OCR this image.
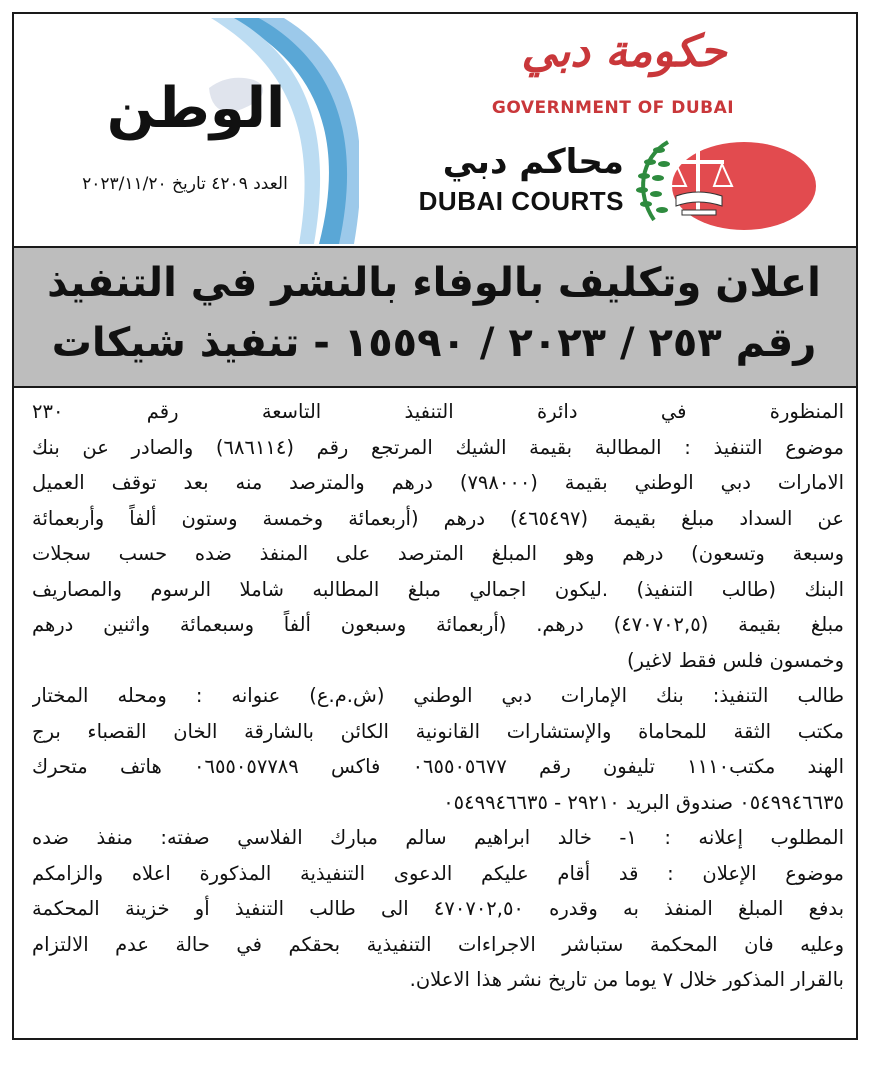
الوطن
العدد ٤٢٠٩ تاريخ ٢٠٢٣/١١/٢٠
حكومة دبي
GOVERNMENT OF DUBAI
محاكم دبي
DUBAI COURTS
اعلان وتكليف بالوفاء بالنشر في التنفيذ
رقم ٢٥٣ / ٢٠٢٣ / ١٥٥٩٠ - تنفيذ شيكات
المنظورة في دائرة التنفيذ التاسعة رقم ٢٣٠
موضوع التنفيذ : المطالبة بقيمة الشيك المرتجع رقم (٦٨٦١١٤) والصادر عن بنك
الامارات دبي الوطني بقيمة (٧٩٨٠٠٠) درهم والمترصد منه بعد توقف العميل
عن السداد مبلغ بقيمة (٤٦٥٤٩٧) درهم (أربعمائة وخمسة وستون ألفاً وأربعمائة
وسبعة وتسعون) درهم وهو المبلغ المترصد على المنفذ ضده حسب سجلات
البنك (طالب التنفيذ) .ليكون اجمالي مبلغ المطالبه شاملا الرسوم والمصاريف
مبلغ بقيمة (٤٧٠٧٠٢,٥) درهم. (أربعمائة وسبعون ألفاً وسبعمائة واثنين درهم
وخمسون فلس فقط لاغير)
طالب التنفيذ: بنك الإمارات دبي الوطني (ش.م.ع) عنوانه : ومحله المختار
مكتب الثقة للمحاماة والإستشارات القانونية الكائن بالشارقة الخان القصباء برج
الهند مكتب١١١٠ تليفون رقم ٠٦٥٥٠٥٦٧٧ فاكس ٠٦٥٥٠٥٧٧٨٩ هاتف متحرك
٠٥٤٩٩٤٦٦٣٥ صندوق البريد ٢٩٢١٠ - ٠٥٤٩٩٤٦٦٣٥
المطلوب إعلانه : ١- خالد ابراهيم سالم مبارك الفلاسي صفته: منفذ ضده
موضوع الإعلان : قد أقام عليكم الدعوى التنفيذية المذكورة اعلاه والزامكم
بدفع المبلغ المنفذ به وقدره ٤٧٠٧٠٢,٥٠ الى طالب التنفيذ أو خزينة المحكمة
وعليه فان المحكمة ستباشر الاجراءات التنفيذية بحقكم في حالة عدم الالتزام
بالقرار المذكور خلال ٧ يوما من تاريخ نشر هذا الاعلان.
